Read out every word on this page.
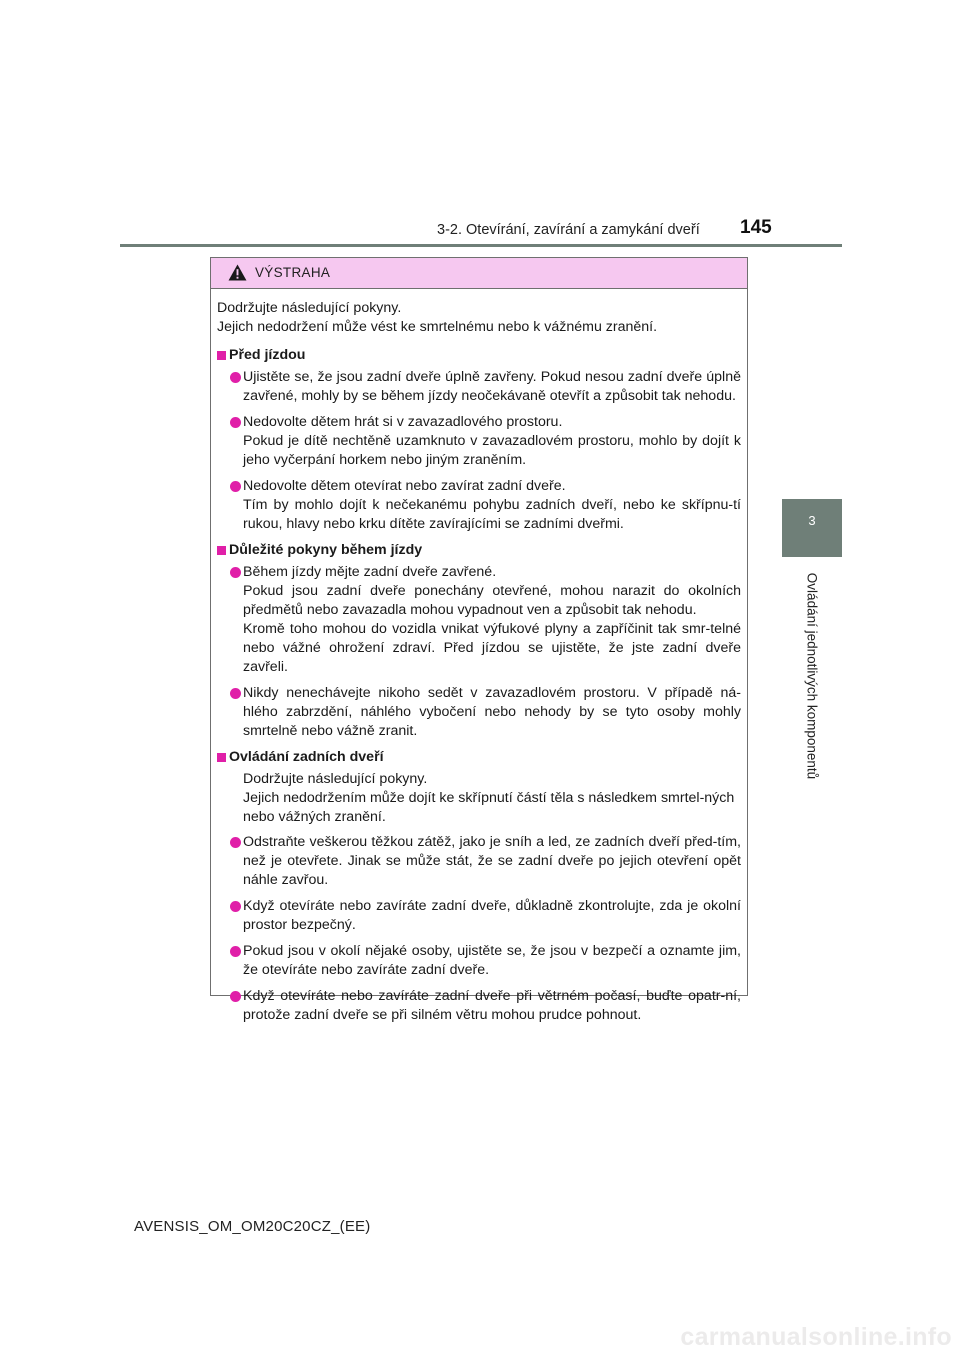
3-2. Otevírání, zavírání a zamykání dveří 145
3
Ovládání jednotlivých komponentů
VÝSTRAHA
Dodržujte následující pokyny.
Jejich nedodržení může vést ke smrtelnému nebo k vážnému zranění.
Před jízdou
Ujistěte se, že jsou zadní dveře úplně zavřeny. Pokud nesou zadní dveře úplně zavřené, mohly by se během jízdy neočekávaně otevřít a způsobit tak nehodu.
Nedovolte dětem hrát si v zavazadlového prostoru.
Pokud je dítě nechtěně uzamknuto v zavazadlovém prostoru, mohlo by dojít k jeho vyčerpání horkem nebo jiným zraněním.
Nedovolte dětem otevírat nebo zavírat zadní dveře.
Tím by mohlo dojít k nečekanému pohybu zadních dveří, nebo ke skřípnu-tí rukou, hlavy nebo krku dítěte zavírajícími se zadními dveřmi.
Důležité pokyny během jízdy
Během jízdy mějte zadní dveře zavřené.
Pokud jsou zadní dveře ponechány otevřené, mohou narazit do okolních předmětů nebo zavazadla mohou vypadnout ven a způsobit tak nehodu.
Kromě toho mohou do vozidla vnikat výfukové plyny a zapříčinit tak smr-telné nebo vážné ohrožení zdraví. Před jízdou se ujistěte, že jste zadní dveře zavřeli.
Nikdy nenechávejte nikoho sedět v zavazadlovém prostoru. V případě ná-hlého zabrzdění, náhlého vybočení nebo nehody by se tyto osoby mohly smrtelně nebo vážně zranit.
Ovládání zadních dveří
Dodržujte následující pokyny.
Jejich nedodržením může dojít ke skřípnutí částí těla s následkem smrtel-ných nebo vážných zranění.
Odstraňte veškerou těžkou zátěž, jako je sníh a led, ze zadních dveří před-tím, než je otevřete. Jinak se může stát, že se zadní dveře po jejich otevření opět náhle zavřou.
Když otevíráte nebo zavíráte zadní dveře, důkladně zkontrolujte, zda je okolní prostor bezpečný.
Pokud jsou v okolí nějaké osoby, ujistěte se, že jsou v bezpečí a oznamte jim, že otevíráte nebo zavíráte zadní dveře.
Když otevíráte nebo zavíráte zadní dveře při větrném počasí, buďte opatr-ní, protože zadní dveře se při silném větru mohou prudce pohnout.
AVENSIS_OM_OM20C20CZ_(EE)
carmanualsonline.info
